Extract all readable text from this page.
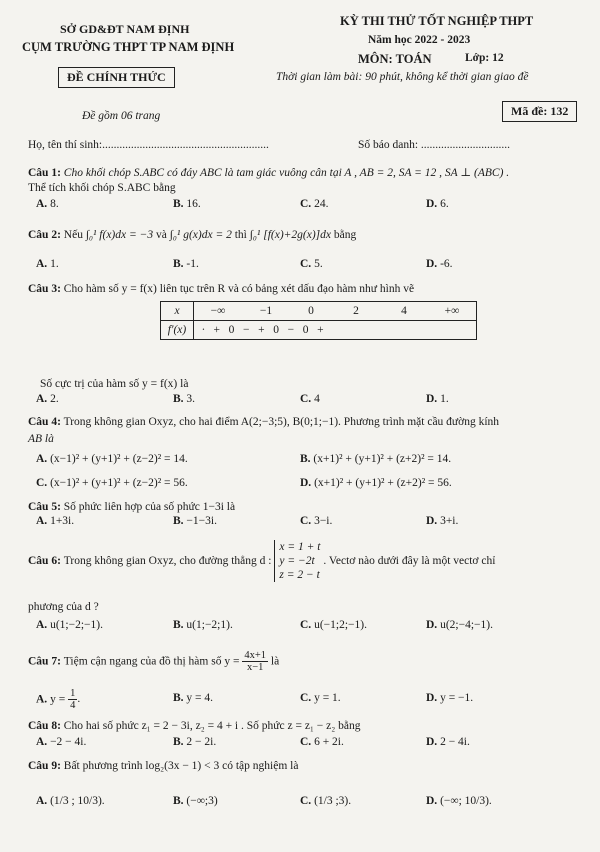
SỞ GD&ĐT NAM ĐỊNH
CỤM TRƯỜNG THPT TP NAM ĐỊNH
ĐỀ CHÍNH THỨC
Đề gồm 06 trang
KỲ THI THỬ TỐT NGHIỆP THPT
Năm học 2022 - 2023
MÔN: TOÁN	Lớp: 12
Thời gian làm bài: 90 phút, không kể thời gian giao đề
Mã đề: 132
Họ, tên thí sinh:..........................................................	Số báo danh: ...............................
Câu 1: Cho khối chóp S.ABC có đáy ABC là tam giác vuông cân tại A , AB = 2, SA = 12 , SA ⊥ (ABC) .
Thể tích khối chóp S.ABC bằng
A. 8.	B. 16.	C. 24.	D. 6.
Câu 2: Nếu ∫₀¹ f(x)dx = −3 và ∫₀¹ g(x)dx = 2 thì ∫₀¹ [f(x)+2g(x)]dx bằng
A. 1.	B. -1.	C. 5.	D. -6.
Câu 3: Cho hàm số y = f(x) liên tục trên R và có bảng xét dấu đạo hàm như hình vẽ
x	−∞	−1	0	2	4	+∞
f′(x)	∙   +   0   −   +   0   −   0   +					
Số cực trị của hàm số y = f(x) là
A. 2.	B. 3.	C. 4	D. 1.
Câu 4: Trong không gian Oxyz, cho hai điểm A(2;−3;5), B(0;1;−1). Phương trình mặt cầu đường kính
AB là
A. (x−1)² + (y+1)² + (z−2)² = 14.	B. (x+1)² + (y+1)² + (z+2)² = 14.
C. (x−1)² + (y+1)² + (z−2)² = 56.	D. (x+1)² + (y+1)² + (z+2)² = 56.
Câu 5: Số phức liên hợp của số phức 1−3i là
A. 1+3i.	B. −1−3i.	C. 3−i.	D. 3+i.
Câu 6: Trong không gian Oxyz, cho đường thẳng d :
x = 1 + t
y = −2t
z = 2 − t
. Vectơ nào dưới đây là một vectơ chỉ
phương của d ?
A. u(1;−2;−1).	B. u(1;−2;1).	C. u(−1;2;−1).	D. u(2;−4;−1).
Câu 7: Tiệm cận ngang của đồ thị hàm số $y = \frac{4x+1}{x-1}$ là
A. $y = \frac{1}{4}$ .	B. y = 4.	C. y = 1.	D. y = −1.
Câu 8: Cho hai số phức z₁ = 2 − 3i, z₂ = 4 + i . Số phức z = z₁ − z₂ bằng
A. −2 − 4i.	B. 2 − 2i.	C. 6 + 2i.	D. 2 − 4i.
Câu 9: Bất phương trình log₂(3x − 1) < 3 có tập nghiệm là
A. (1/3 ; 10/3).	B. (−∞;3)	C. (1/3 ;3).	D. (−∞; 10/3).
